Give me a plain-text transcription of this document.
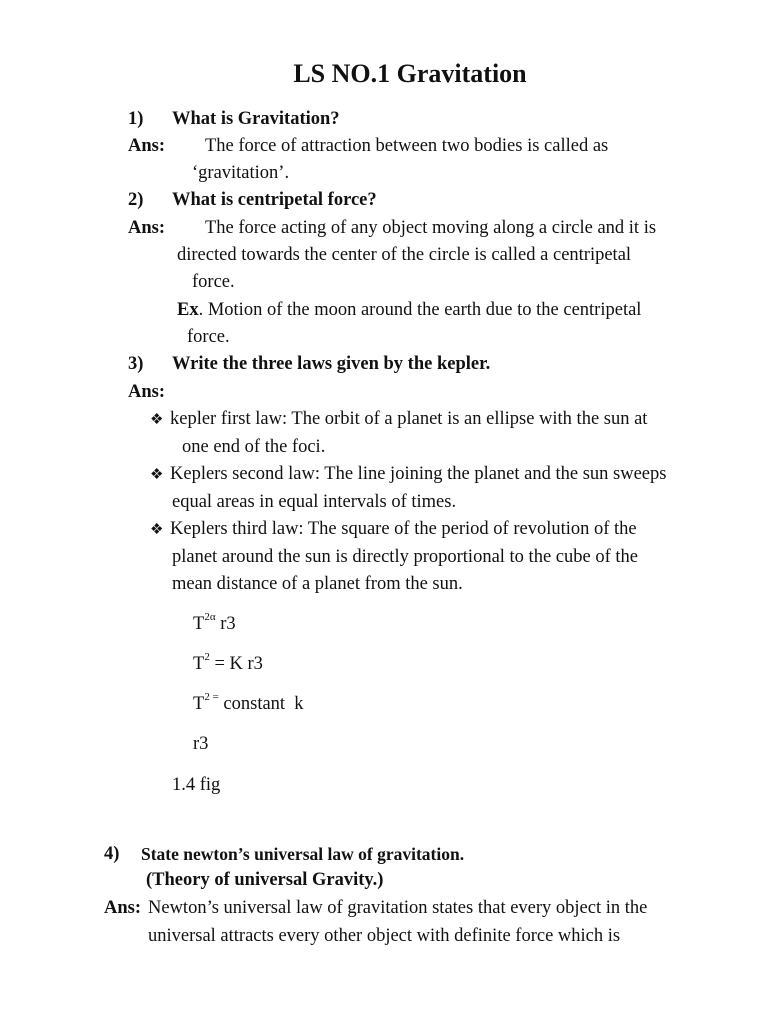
LS NO.1 Gravitation
1) What is Gravitation?
Ans: The force of attraction between two bodies is called as
‘gravitation’.
2) What is centripetal force?
Ans: The force acting of any object moving along a circle and it is
directed towards the center of the circle is called a centripetal
force.
Ex. Motion of the moon around the earth due to the centripetal
force.
3) Write the three laws given by the kepler.
Ans:
❖ kepler first law: The orbit of a planet is an ellipse with the sun at
one end of the foci.
❖ Keplers second law: The line joining the planet and the sun sweeps
equal areas in equal intervals of times.
❖ Keplers third law: The square of the period of revolution of the
planet around the sun is directly proportional to the cube of the
mean distance of a planet from the sun.
$T^{2\alpha}$ r3
$T^2 = K$ r3
$T^{2 =}$ constant  k
r3
1.4 fig
4) State newton’s universal law of gravitation.
(Theory of universal Gravity.)
Ans: Newton’s universal law of gravitation states that every object in the
universal attracts every other object with definite force which is
